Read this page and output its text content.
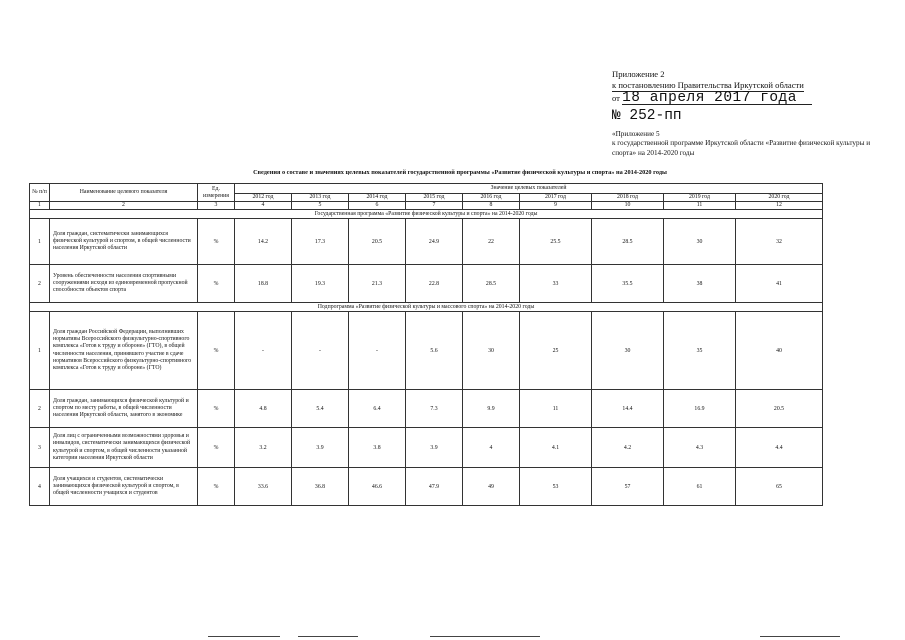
Приложение 2
к постановлению Правительства Иркутской области
от 18 апреля 2017 года
№ 252-пп
«Приложение 5
к государственной программе Иркутской области «Развитие физической культуры и спорта» на 2014-2020 годы
Сведения о составе и значениях целевых показателей государственной программы «Развитие физической культуры и спорта» на 2014-2020 годы
№ п/п	Наименование целевого показателя	Ед. измерения	Значение целевых показателей								
			2012 год	2013 год	2014 год	2015 год	2016 год	2017 год	2018 год	2019 год	2020 год
1	2	3	4	5	6	7	8	9	10	11	12
Государственная программа «Развитие физической культуры и спорта» на 2014-2020 годы											
1	Доля граждан, систематически занимающихся физической культурой и спортом, в общей численности населения Иркутской области	%	14.2	17.3	20.5	24.9	22	25.5	28.5	30	32
2	Уровень обеспеченности населения спортивными сооружениями исходя из единовременной пропускной способности объектов спорта	%	18.8	19.3	21.3	22.8	28.5	33	35.5	38	41
Подпрограмма «Развитие физической культуры и массового спорта» на 2014-2020 годы											
1	Доля граждан Российской Федерации, выполнивших нормативы Всероссийского физкультурно-спортивного комплекса «Готов к труду и обороне» (ГТО), в общей численности населения, принявшего участие в сдаче нормативов Всероссийского физкультурно-спортивного комплекса «Готов к труду и обороне» (ГТО)	%	-	-	-	5.6	30	25	30	35	40
2	Доля граждан, занимающихся физической культурой и спортом по месту работы, в общей численности населения Иркутской области, занятого в экономике	%	4.8	5.4	6.4	7.3	9.9	11	14.4	16.9	20.5
3	Доля лиц с ограниченными возможностями здоровья и инвалидов, систематически занимающихся физической культурой и спортом, в общей численности указанной категории населения Иркутской области	%	3.2	3.9	3.8	3.9	4	4.1	4.2	4.3	4.4
4	Доля учащихся и студентов, систематически занимающихся физической культурой и спортом, в общей численности учащихся и студентов	%	33.6	36.8	46.6	47.9	49	53	57	61	65
